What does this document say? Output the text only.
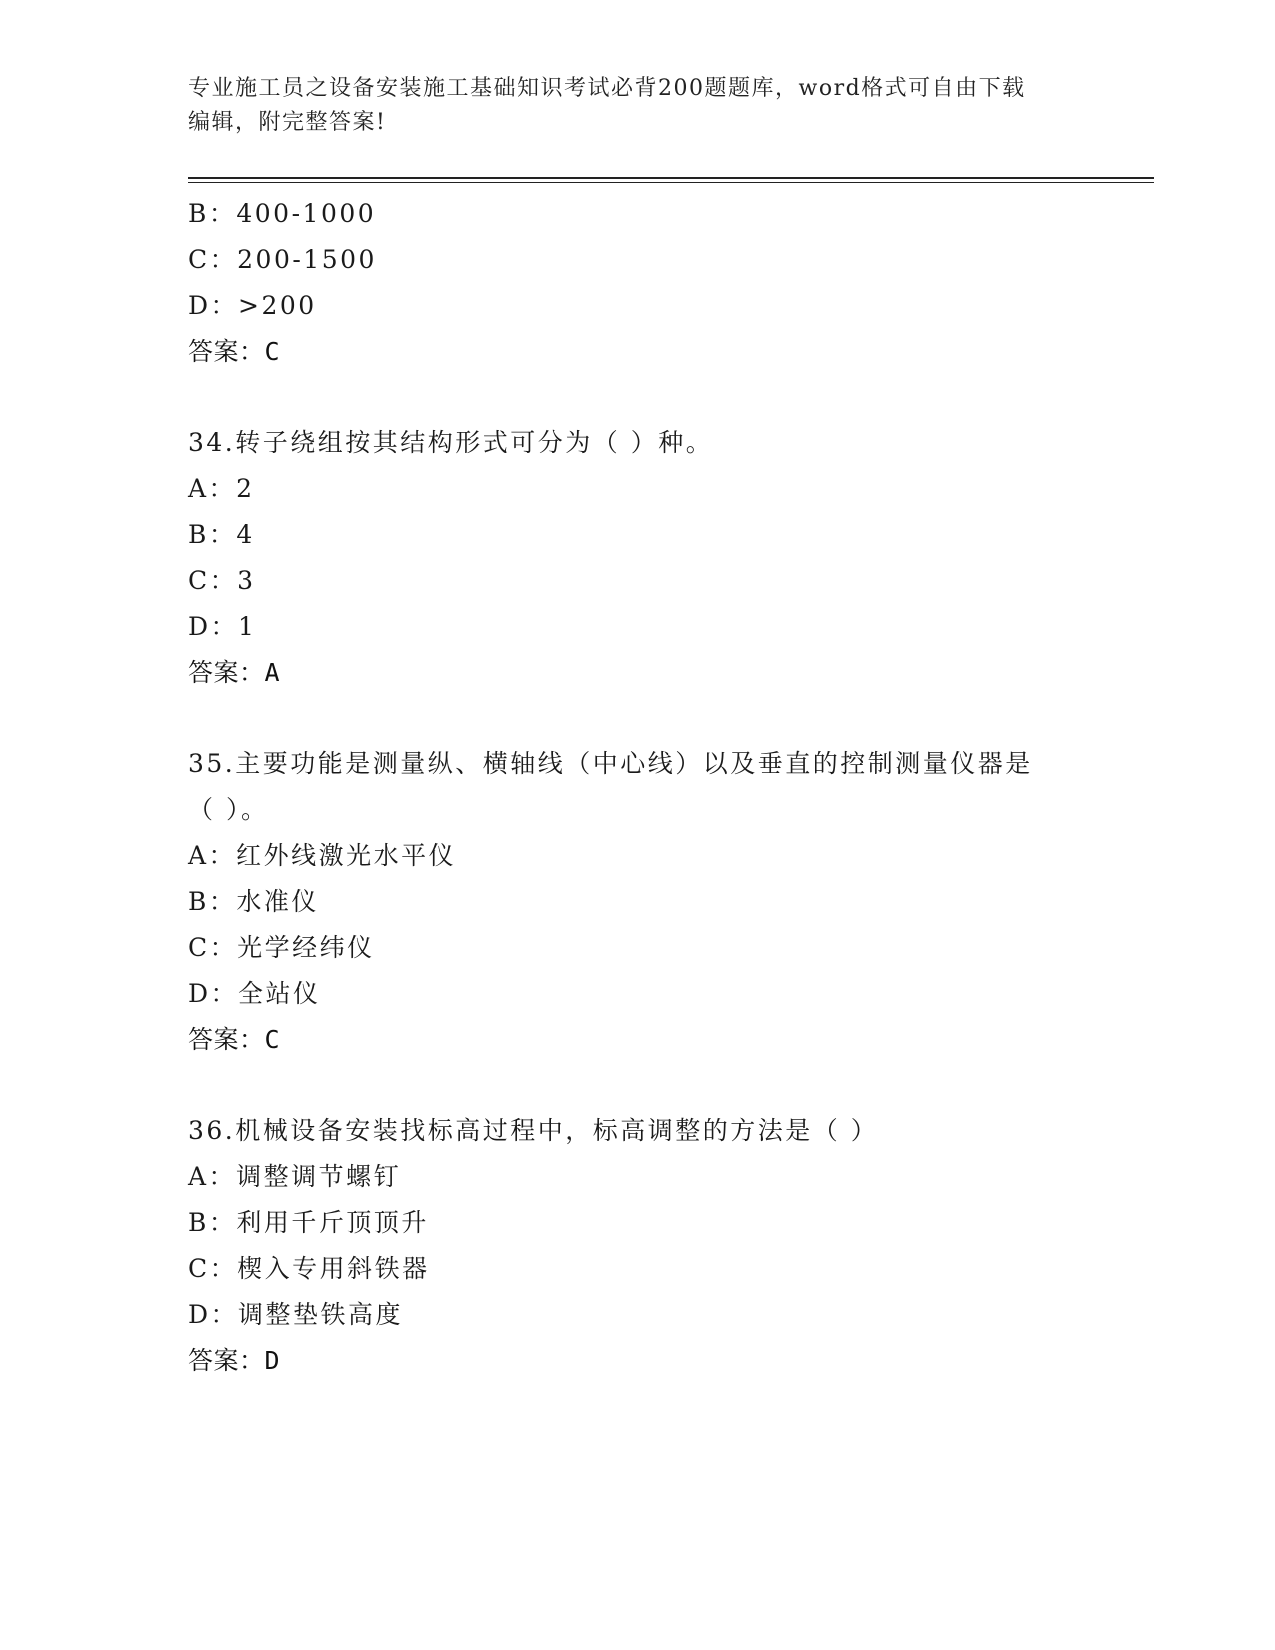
专业施工员之设备安装施工基础知识考试必背200题题库，word格式可自由下载
编辑，附完整答案!
B：400-1000
C：200-1500
D：>200
答案：C
34.转子绕组按其结构形式可分为（ ）种。
A：2
B：4
C：3
D：1
答案：A
35.主要功能是测量纵、横轴线（中心线）以及垂直的控制测量仪器是
（ ）。
A：红外线激光水平仪
B：水准仪
C：光学经纬仪
D：全站仪
答案：C
36.机械设备安装找标高过程中，标高调整的方法是（ ）
A：调整调节螺钉
B：利用千斤顶顶升
C：楔入专用斜铁器
D：调整垫铁高度
答案：D
